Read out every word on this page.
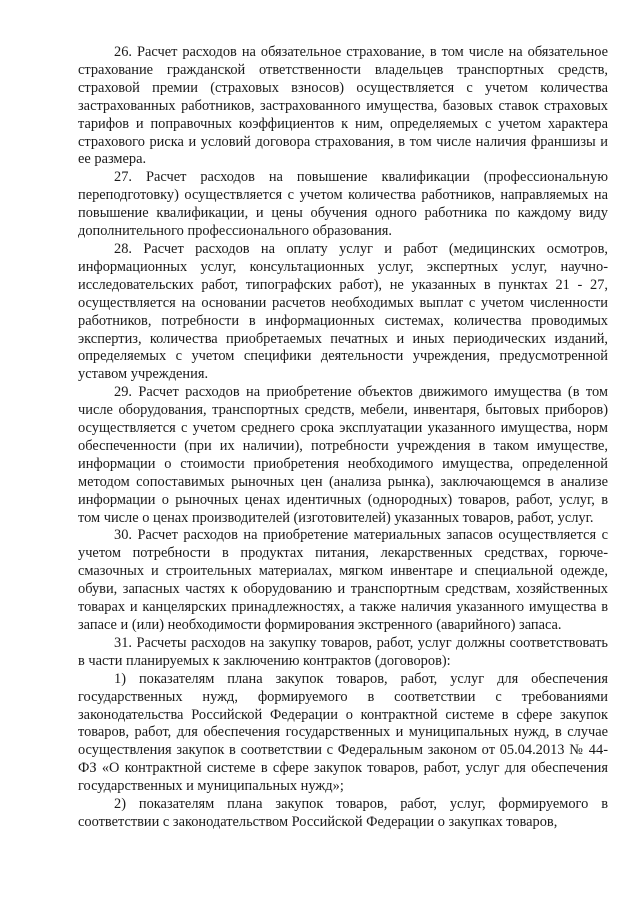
26. Расчет расходов на обязательное страхование, в том числе на обязательное страхование гражданской ответственности владельцев транспортных средств, страховой премии (страховых взносов) осуществляется с учетом количества застрахованных работников, застрахованного имущества, базовых ставок страховых тарифов и поправочных коэффициентов к ним, определяемых с учетом характера страхового риска и условий договора страхования, в том числе наличия франшизы и ее размера.

27. Расчет расходов на повышение квалификации (профессиональную переподготовку) осуществляется с учетом количества работников, направляемых на повышение квалификации, и цены обучения одного работника по каждому виду дополнительного профессионального образования.

28. Расчет расходов на оплату услуг и работ (медицинских осмотров, информационных услуг, консультационных услуг, экспертных услуг, научно-исследовательских работ, типографских работ), не указанных в пунктах 21 - 27, осуществляется на основании расчетов необходимых выплат с учетом численности работников, потребности в информационных системах, количества проводимых экспертиз, количества приобретаемых печатных и иных периодических изданий, определяемых с учетом специфики деятельности учреждения, предусмотренной уставом учреждения.

29. Расчет расходов на приобретение объектов движимого имущества (в том числе оборудования, транспортных средств, мебели, инвентаря, бытовых приборов) осуществляется с учетом среднего срока эксплуатации указанного имущества, норм обеспеченности (при их наличии), потребности учреждения в таком имуществе, информации о стоимости приобретения необходимого имущества, определенной методом сопоставимых рыночных цен (анализа рынка), заключающемся в анализе информации о рыночных ценах идентичных (однородных) товаров, работ, услуг, в том числе о ценах производителей (изготовителей) указанных товаров, работ, услуг.

30. Расчет расходов на приобретение материальных запасов осуществляется с учетом потребности в продуктах питания, лекарственных средствах, горюче-смазочных и строительных материалах, мягком инвентаре и специальной одежде, обуви, запасных частях к оборудованию и транспортным средствам, хозяйственных товарах и канцелярских принадлежностях, а также наличия указанного имущества в запасе и (или) необходимости формирования экстренного (аварийного) запаса.

31. Расчеты расходов на закупку товаров, работ, услуг должны соответствовать в части планируемых к заключению контрактов (договоров):

1) показателям плана закупок товаров, работ, услуг для обеспечения государственных нужд, формируемого в соответствии с требованиями законодательства Российской Федерации о контрактной системе в сфере закупок товаров, работ, для обеспечения государственных и муниципальных нужд, в случае осуществления закупок в соответствии с Федеральным законом от 05.04.2013 № 44-ФЗ «О контрактной системе в сфере закупок товаров, работ, услуг для обеспечения государственных и муниципальных нужд»;

2) показателям плана закупок товаров, работ, услуг, формируемого в соответствии с законодательством Российской Федерации о закупках товаров,
